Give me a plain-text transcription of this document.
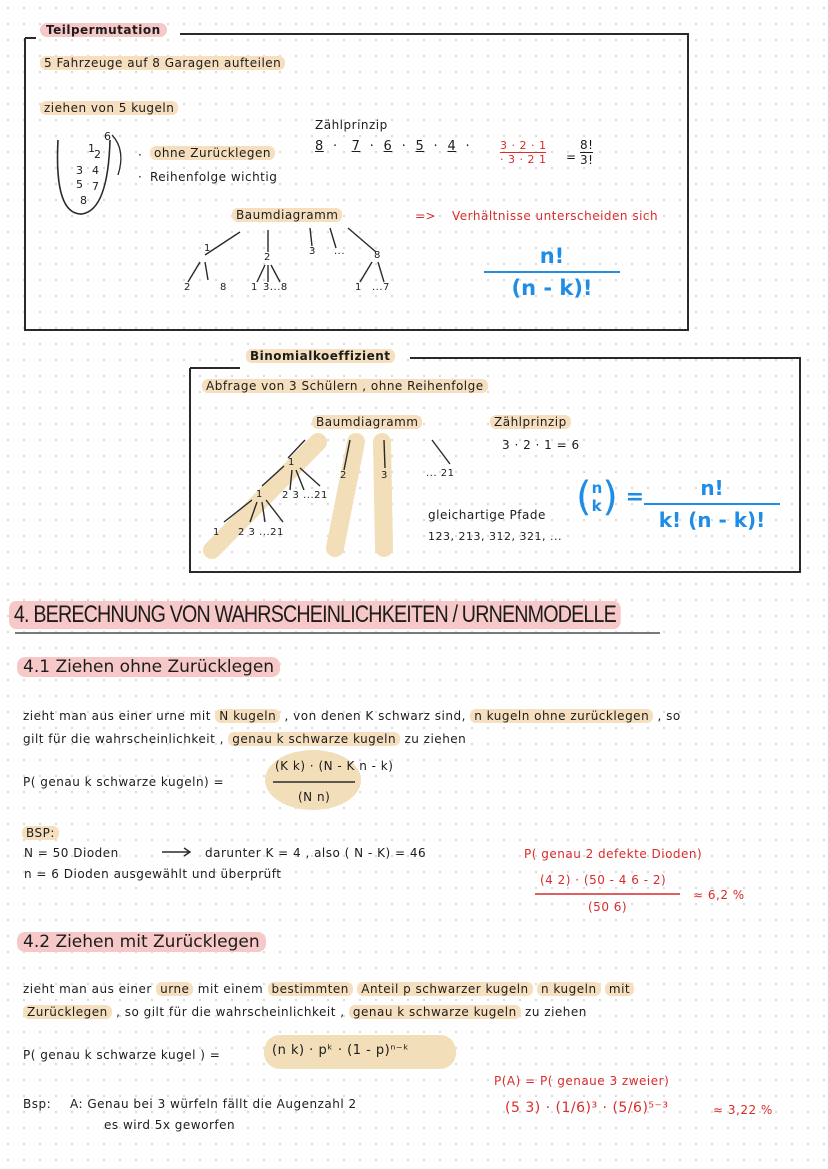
Teilpermutation
5 Fahrzeuge auf 8 Garagen aufteilen
ziehen von 5 kugeln
1
2
3 4
5
6
7
8
· ohne Zurücklegen
· Reihenfolge wichtig
Zählprinzip
8  ·   7  ·  6  ·  5  ·  4  ·	$\frac{3 \cdot 2 \cdot 1}{\cdot 3 \cdot 2 1} = \frac{8!}{3!}$
Baumdiagramm
2
3 ...	8
2	8 1 3...8	1 ...7
1
=> Verhältnisse unterscheiden sich
$\frac{n!}{(n - k)!}$
Binomialkoeffizient
Abfrage von 3 Schülern , ohne Reihenfolge
Baumdiagramm
2	3	... 21
1
2 3 ...21
1
1 2 3 ...21
Zählprinzip
3 · 2 · 1 = 6
gleichartige Pfade
123, 213, 312, 321, ...
( n
k ) = $\frac{n!}{k! (n - k)!}$
4. BERECHNUNG VON WAHRSCHEINLICHKEITEN / URNENMODELLE
4.1 Ziehen ohne Zurücklegen
zieht man aus einer urne mit N kugeln , von denen K schwarz sind, n kugeln ohne zurücklegen , so
gilt für die wahrscheinlichkeit , genau k schwarze kugeln zu ziehen
P( genau k schwarze kugeln) =
(K k) · (N - K n - k)
(N n)
BSP:
N = 50 Dioden	darunter K = 4 , also ( N - K) = 46
n = 6 Dioden ausgewählt und überprüft
P( genau 2 defekte Dioden)
(4 2) · (50 - 4 6 - 2)
(50 6)
≈ 6,2 %
4.2 Ziehen mit Zurücklegen
zieht man aus einer urne mit einem bestimmten Anteil p schwarzer kugeln n kugeln mit
Zurücklegen , so gilt für die wahrscheinlichkeit , genau k schwarze kugeln zu ziehen
P( genau k schwarze kugel ) =	(n k) · pᵏ · (1 - p)ⁿ⁻ᵏ
Bsp: A: Genau bei 3 würfeln fällt die Augenzahl 2
es wird 5x geworfen
P(A) = P( genaue 3 zweier)
(5 3) · (1/6)³ · (5/6)⁵⁻³	≈ 3,22 %
